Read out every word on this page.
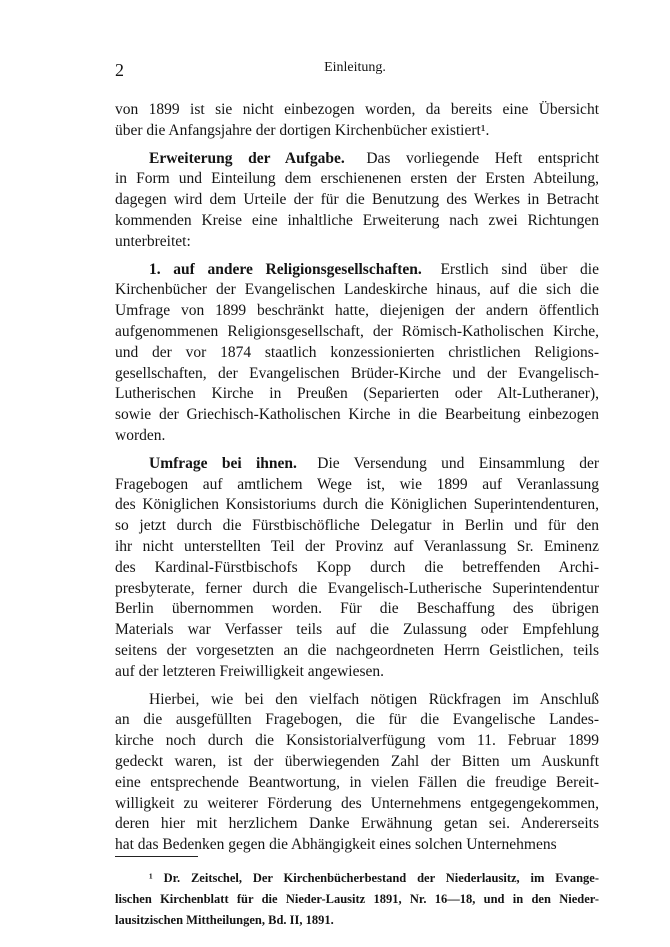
2	Einleitung.
von 1899 ist sie nicht einbezogen worden, da bereits eine Übersicht
über die Anfangsjahre der dortigen Kirchenbücher existiert¹.
Erweiterung der Aufgabe. Das vorliegende Heft entspricht
in Form und Einteilung dem erschienenen ersten der Ersten Abteilung,
dagegen wird dem Urteile der für die Benutzung des Werkes in Betracht
kommenden Kreise eine inhaltliche Erweiterung nach zwei Richtungen
unterbreitet:
1. auf andere Religionsgesellschaften. Erstlich sind über die
Kirchenbücher der Evangelischen Landeskirche hinaus, auf die sich die
Umfrage von 1899 beschränkt hatte, diejenigen der andern öffentlich
aufgenommenen Religionsgesellschaft, der Römisch-Katholischen Kirche,
und der vor 1874 staatlich konzessionierten christlichen Religions-
gesellschaften, der Evangelischen Brüder-Kirche und der Evangelisch-
Lutherischen Kirche in Preußen (Separierten oder Alt-Lutheraner),
sowie der Griechisch-Katholischen Kirche in die Bearbeitung einbezogen
worden.
Umfrage bei ihnen. Die Versendung und Einsammlung der
Fragebogen auf amtlichem Wege ist, wie 1899 auf Veranlassung
des Königlichen Konsistoriums durch die Königlichen Superintendenturen,
so jetzt durch die Fürstbischöfliche Delegatur in Berlin und für den
ihr nicht unterstellten Teil der Provinz auf Veranlassung Sr. Eminenz
des Kardinal-Fürstbischofs Kopp durch die betreffenden Archi-
presbyterate, ferner durch die Evangelisch-Lutherische Superintendentur
Berlin übernommen worden. Für die Beschaffung des übrigen
Materials war Verfasser teils auf die Zulassung oder Empfehlung
seitens der vorgesetzten an die nachgeordneten Herrn Geistlichen, teils
auf der letzteren Freiwilligkeit angewiesen.
Hierbei, wie bei den vielfach nötigen Rückfragen im Anschluß
an die ausgefüllten Fragebogen, die für die Evangelische Landes-
kirche noch durch die Konsistorialverfügung vom 11. Februar 1899
gedeckt waren, ist der überwiegenden Zahl der Bitten um Auskunft
eine entsprechende Beantwortung, in vielen Fällen die freudige Bereit-
willigkeit zu weiterer Förderung des Unternehmens entgegengekommen,
deren hier mit herzlichem Danke Erwähnung getan sei. Andererseits
hat das Bedenken gegen die Abhängigkeit eines solchen Unternehmens
¹ Dr. Zeitschel, Der Kirchenbücherbestand der Niederlausitz, im Evange-
lischen Kirchenblatt für die Nieder-Lausitz 1891, Nr. 16—18, und in den Nieder-
lausitzischen Mittheilungen, Bd. II, 1891.
